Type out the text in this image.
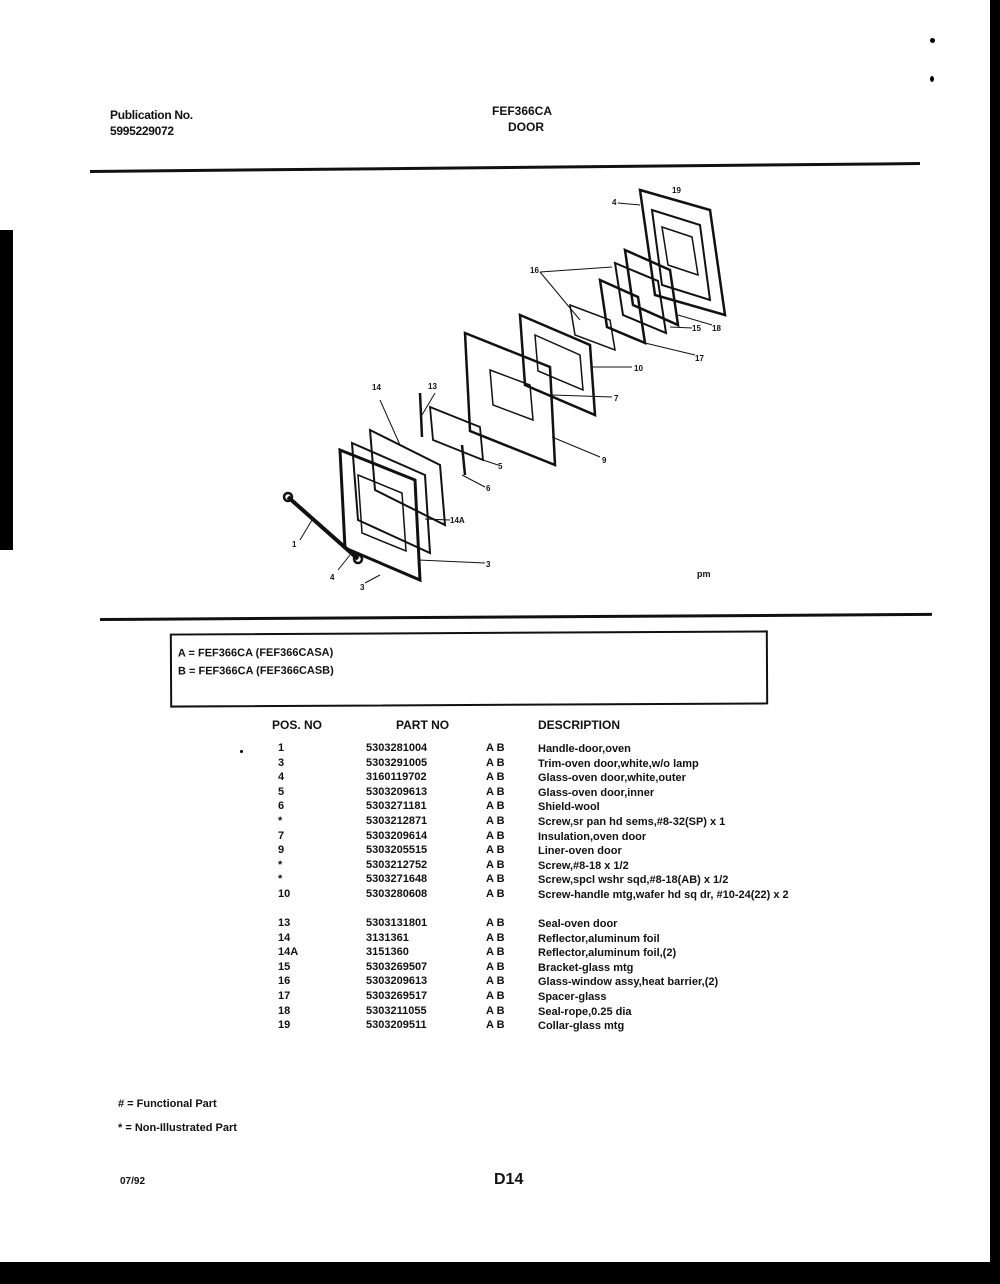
Publication No.
5995229072
FEF366CA
DOOR
19
4
16
15 18
17
10
7
9
5
6
14A
3
14	13
1
4
3
pm
A = FEF366CA (FEF366CASA)
B = FEF366CA (FEF366CASB)
POS. NO	PART NO	DESCRIPTION
1	5303281004	A B	Handle-door,oven
3	5303291005	A B	Trim-oven door,white,w/o lamp
4	3160119702	A B	Glass-oven door,white,outer
5	5303209613	A B	Glass-oven door,inner
6	5303271181	A B	Shield-wool
*	5303212871	A B	Screw,sr pan hd sems,#8-32(SP) x 1
7	5303209614	A B	Insulation,oven door
9	5303205515	A B	Liner-oven door
*	5303212752	A B	Screw,#8-18 x 1/2
*	5303271648	A B	Screw,spcl wshr sqd,#8-18(AB) x 1/2
10	5303280608	A B	Screw-handle mtg,wafer hd sq dr, #10-24(22) x 2
13	5303131801	A B	Seal-oven door
14	3131361	A B	Reflector,aluminum foil
14A	3151360	A B	Reflector,aluminum foil,(2)
15	5303269507	A B	Bracket-glass mtg
16	5303209613	A B	Glass-window assy,heat barrier,(2)
17	5303269517	A B	Spacer-glass
18	5303211055	A B	Seal-rope,0.25 dia
19	5303209511	A B	Collar-glass mtg
# = Functional Part
* = Non-Illustrated Part
07/92	D14
